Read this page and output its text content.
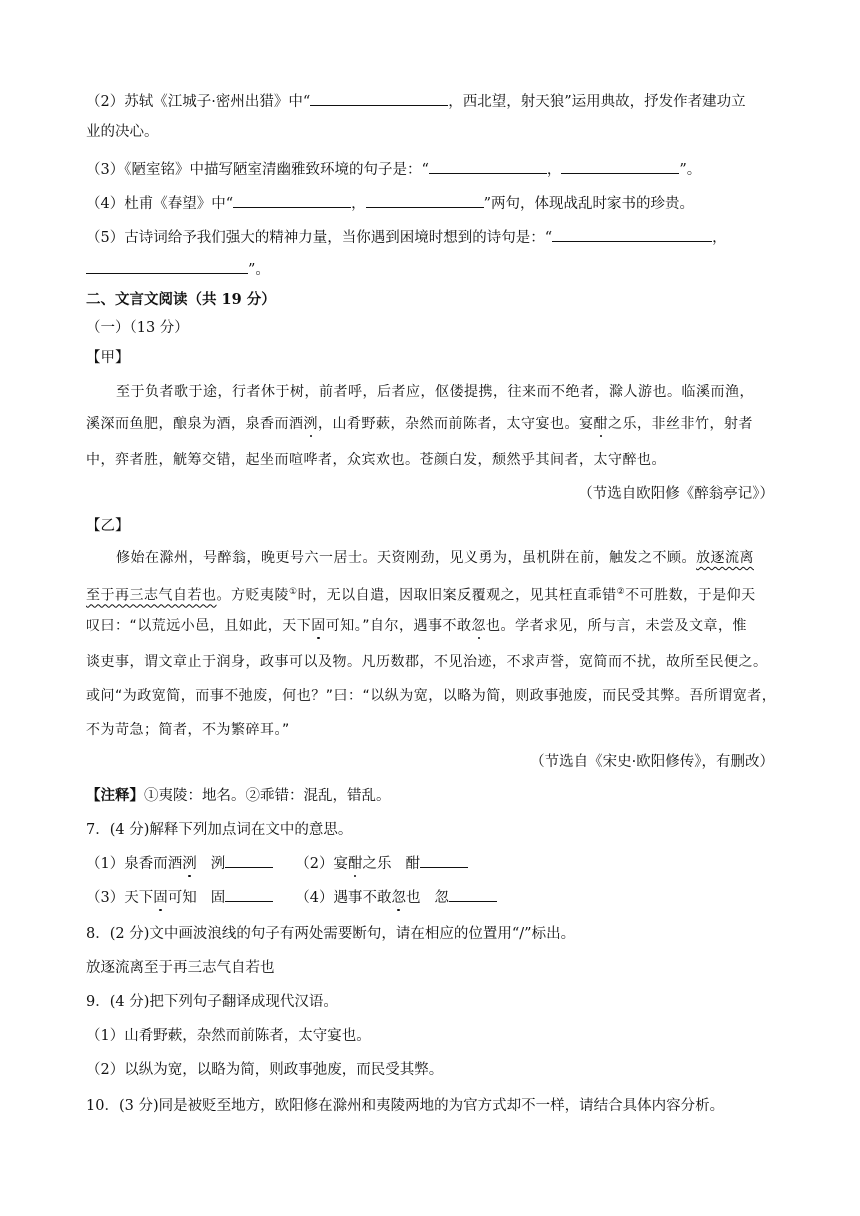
（2）苏轼《江城子·密州出猎》中“	，西北望，射天狼”运用典故，抒发作者建功立
业的决心。
（3）《陋室铭》中描写陋室清幽雅致环境的句子是：“	，	”。
（4）杜甫《春望》中“	，	”两句，体现战乱时家书的珍贵。
（5）古诗词给予我们强大的精神力量，当你遇到困境时想到的诗句是：“	，
”。
二、文言文阅读（共 19 分）
（一）（13 分）
【甲】
至于负者歌于途，行者休于树，前者呼，后者应，伛偻提携，往来而不绝者，滁人游也。临溪而渔，
溪深而鱼肥，酿泉为酒，泉香而酒洌，山肴野蔌，杂然而前陈者，太守宴也。宴酣之乐，非丝非竹，射者
中，弈者胜，觥筹交错，起坐而喧哗者，众宾欢也。苍颜白发，颓然乎其间者，太守醉也。
（节选自欧阳修《醉翁亭记》）
【乙】
修始在滁州，号醉翁，晚更号六一居士。天资刚劲，见义勇为，虽机阱在前，触发之不顾。放逐流离
至于再三志气自若也。方贬夷陵①时，无以自遣，因取旧案反覆观之，见其枉直乖错②不可胜数，于是仰天
叹曰：“以荒远小邑，且如此，天下固可知。”自尔，遇事不敢忽也。学者求见，所与言，未尝及文章，惟
谈吏事，谓文章止于润身，政事可以及物。凡历数郡，不见治迹，不求声誉，宽简而不扰，故所至民便之。
或问“为政宽简，而事不弛废，何也？”曰：“以纵为宽，以略为简，则政事弛废，而民受其弊。吾所谓宽者，
不为苛急；简者，不为繁碎耳。”
（节选自《宋史·欧阳修传》，有删改）
【注释】①夷陵：地名。②乖错：混乱，错乱。
7．(4 分)解释下列加点词在文中的意思。
（1）泉香而酒洌 洌	（2）宴酣之乐 酣
（3）天下固可知 固	（4）遇事不敢忽也 忽
8．(2 分)文中画波浪线的句子有两处需要断句，请在相应的位置用“/”标出。
放逐流离至于再三志气自若也
9．(4 分)把下列句子翻译成现代汉语。
（1）山肴野蔌，杂然而前陈者，太守宴也。
（2）以纵为宽，以略为简，则政事弛废，而民受其弊。
10．(3 分)同是被贬至地方，欧阳修在滁州和夷陵两地的为官方式却不一样，请结合具体内容分析。
